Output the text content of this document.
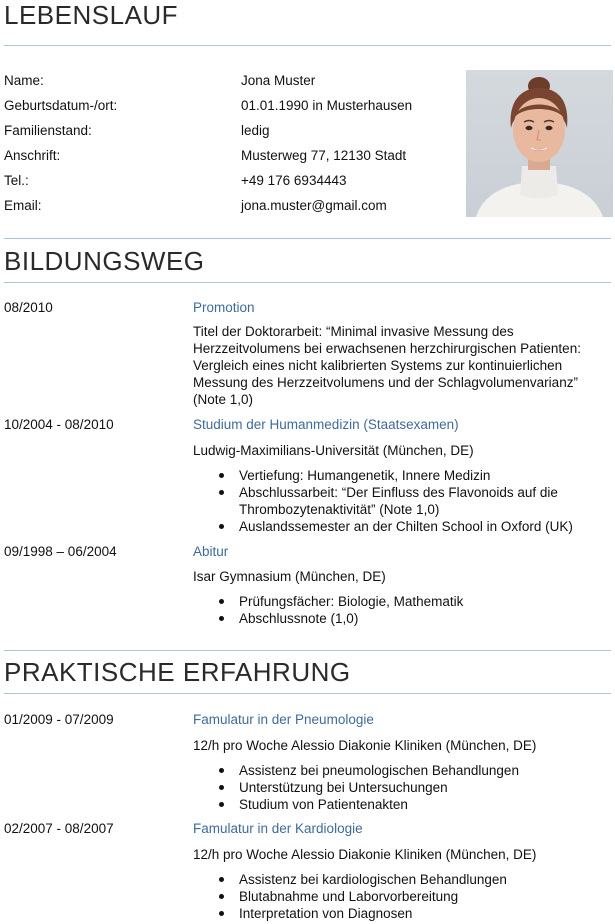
LEBENSLAUF
Name:	Jona Muster
Geburtsdatum-/ort:	01.01.1990 in Musterhausen
Familienstand:	ledig
Anschrift:	Musterweg 77, 12130 Stadt
Tel.:	+49 176 6934443
Email:	jona.muster@gmail.com
BILDUNGSWEG
08/2010	Promotion
Titel der Doktorarbeit: “Minimal invasive Messung des Herzzeitvolumens bei erwachsenen herzchirurgischen Patienten: Vergleich eines nicht kalibrierten Systems zur kontinuierlichen Messung des Herzzeitvolumens und der Schlagvolumenvarianz” (Note 1,0)
10/2004 - 08/2010	Studium der Humanmedizin (Staatsexamen)
Ludwig-Maximilians-Universität (München, DE)
Vertiefung: Humangenetik, Innere Medizin
Abschlussarbeit: “Der Einfluss des Flavonoids auf die Thrombozytenaktivität” (Note 1,0)
Auslandssemester an der Chilten School in Oxford (UK)
09/1998 – 06/2004	Abitur
Isar Gymnasium (München, DE)
Prüfungsfächer: Biologie, Mathematik
Abschlussnote (1,0)
PRAKTISCHE ERFAHRUNG
01/2009 - 07/2009	Famulatur in der Pneumologie
12/h pro Woche Alessio Diakonie Kliniken (München, DE)
Assistenz bei pneumologischen Behandlungen
Unterstützung bei Untersuchungen
Studium von Patientenakten
02/2007 - 08/2007	Famulatur in der Kardiologie
12/h pro Woche Alessio Diakonie Kliniken (München, DE)
Assistenz bei kardiologischen Behandlungen
Blutabnahme und Laborvorbereitung
Interpretation von Diagnosen
